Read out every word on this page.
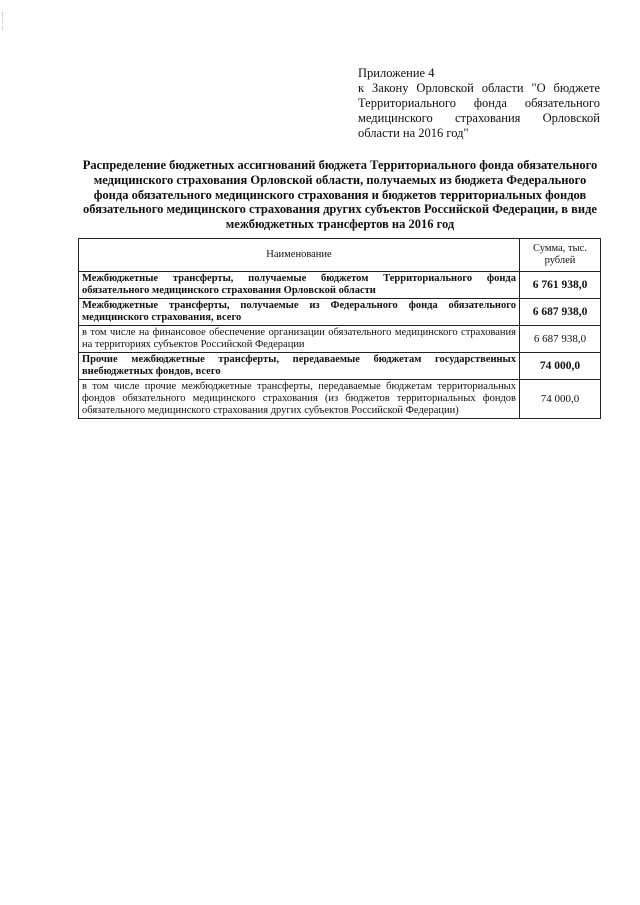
Приложение 4

к Закону Орловской области "О бюджете Территориального фонда обязательного медицинского страхования Орловской области на 2016 год"

Распределение бюджетных ассигнований бюджета Территориального фонда обязательного медицинского страхования Орловской области, получаемых из бюджета Федерального фонда обязательного медицинского страхования и бюджетов территориальных фондов обязательного медицинского страхования других субъектов Российской Федерации, в виде межбюджетных трансфертов на 2016 год

Наименование	Сумма, тыс. рублей
Межбюджетные трансферты, получаемые бюджетом Территориального фонда обязательного медицинского страхования Орловской области	6 761 938,0
Межбюджетные трансферты, получаемые из Федерального фонда обязательного медицинского страхования, всего	6 687 938,0
в том числе на финансовое обеспечение организации обязательного медицинского страхования на территориях субъектов Российской Федерации	6 687 938,0
Прочие межбюджетные трансферты, передаваемые бюджетам государственных внебюджетных фондов, всего	74 000,0
в том числе прочие межбюджетные трансферты, передаваемые бюджетам территориальных фондов обязательного медицинского страхования (из бюджетов территориальных фондов обязательного медицинского страхования других субъектов Российской Федерации)	74 000,0
